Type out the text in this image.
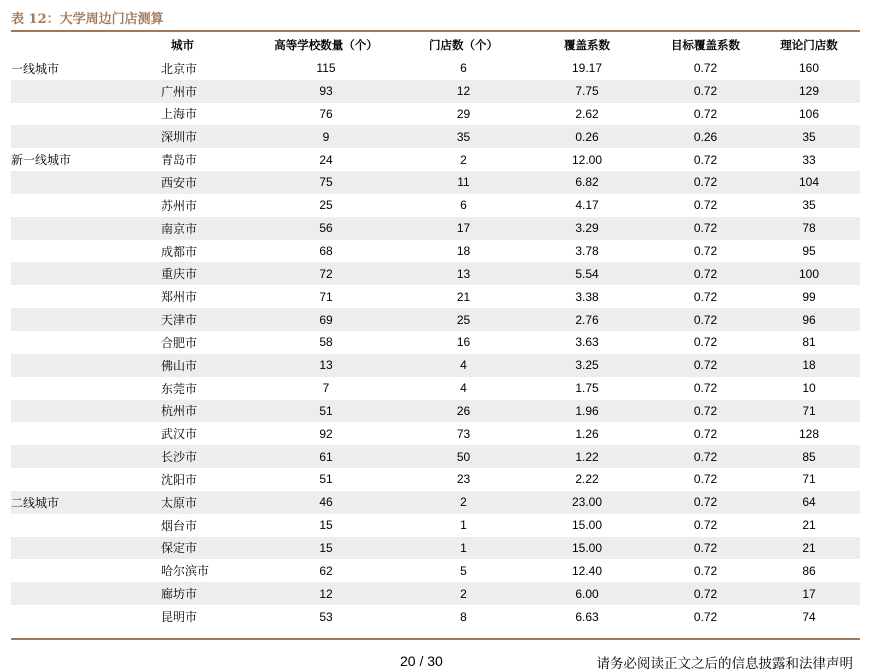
表 12：大学周边门店测算
	城市	高等学校数量（个）	门店数（个）	覆盖系数	目标覆盖系数	理论门店数
一线城市	北京市	115	6	19.17	0.72	160
	广州市	93	12	7.75	0.72	129
	上海市	76	29	2.62	0.72	106
	深圳市	9	35	0.26	0.26	35
新一线城市	青岛市	24	2	12.00	0.72	33
	西安市	75	11	6.82	0.72	104
	苏州市	25	6	4.17	0.72	35
	南京市	56	17	3.29	0.72	78
	成都市	68	18	3.78	0.72	95
	重庆市	72	13	5.54	0.72	100
	郑州市	71	21	3.38	0.72	99
	天津市	69	25	2.76	0.72	96
	合肥市	58	16	3.63	0.72	81
	佛山市	13	4	3.25	0.72	18
	东莞市	7	4	1.75	0.72	10
	杭州市	51	26	1.96	0.72	71
	武汉市	92	73	1.26	0.72	128
	长沙市	61	50	1.22	0.72	85
	沈阳市	51	23	2.22	0.72	71
二线城市	太原市	46	2	23.00	0.72	64
	烟台市	15	1	15.00	0.72	21
	保定市	15	1	15.00	0.72	21
	哈尔滨市	62	5	12.40	0.72	86
	廊坊市	12	2	6.00	0.72	17
	昆明市	53	8	6.63	0.72	74
20 / 30	请务必阅读正文之后的信息披露和法律声明
